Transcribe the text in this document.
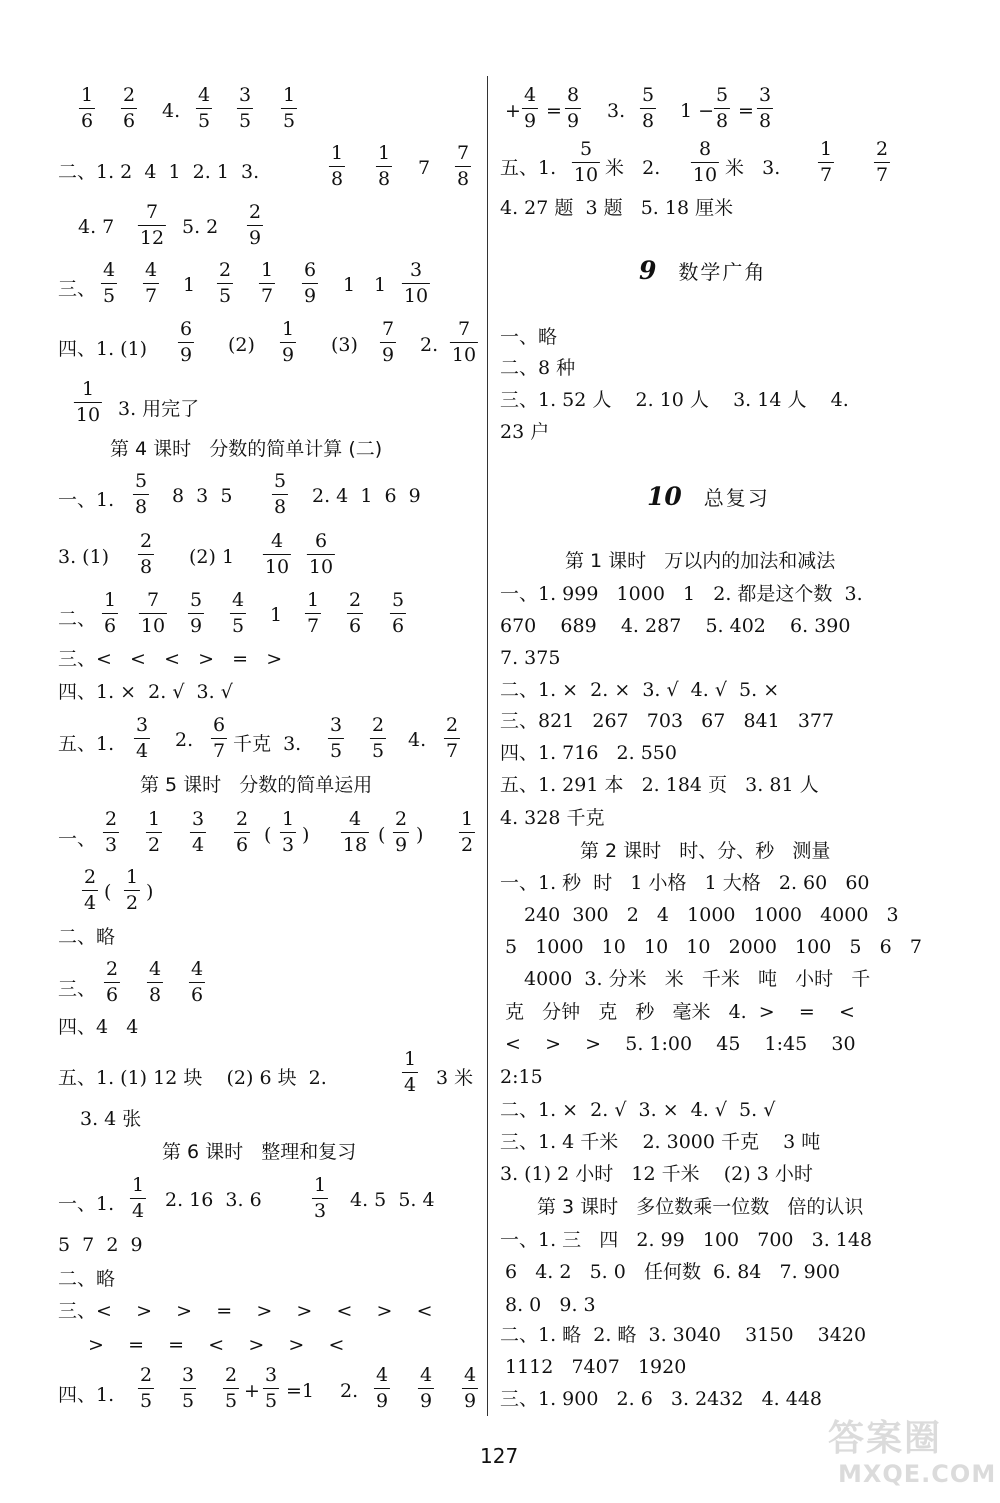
1
6
2
6 4.
4
5
3
5
1
5
二、1. 2  4  1  2. 1  3.
1
8
1
8 7
7
8
4. 7
7
12 5. 2
2
9
三、
4
5
4
7 1
2
5
1
7
6
9 1 1
3
10
四、1. (1)
6
9 (2)
1
9 (3)
7
9 2.
7
10
1
10 3. 用完了
第 4 课时   分数的简单计算 (二)
一、1.
5
8 8  3  5
5
8 2. 4  1  6  9
3. (1)
2
8 (2) 1
4
10
6
10
二、
1
6
7
10
5
9
4
5 1
1
7
2
6
5
6
三、<   <   <   >   =   >
四、1. ×  2. √  3. √
五、1.
3
4 2.
6
7 千克  3.
3
5
2
5 4.
2
7
第 5 课时   分数的简单运用
一、
2
3
1
2
3
4
2
6 (
1
3 )
4
18 (
2
9 )
1
2
2
4 (
1
2 )
二、略
三、
2
6
4
8
4
6
四、4   4
五、1. (1) 12 块    (2) 6 块  2.
1
4 3 米
3. 4 张
第 6 课时   整理和复习
一、1.
1
4 2. 16  3. 6
1
3 4. 5  5. 4
5  7  2  9
二、略
三、<    >    >    =    >    >    <    >    <
>    =    =    <    >    >    <
四、1.
2
5
3
5
2
5 +
3
5 =1 2.
4
9
4
9
4
9
+
4
9 =
8
9 3.
5
8 1 −
5
8 =
3
8
五、1.
5
10 米   2.
8
10 米   3.
1
7
2
7
4. 27 题  3 题   5. 18 厘米
9 数学广角
一、略
二、8 种
三、1. 52 人    2. 10 人    3. 14 人    4.
23 户
10 总复习
第 1 课时   万以内的加法和减法
一、1. 999   1000   1   2. 都是这个数  3.
670    689    4. 287    5. 402    6. 390
7. 375
二、1. ×  2. ×  3. √  4. √  5. ×
三、821   267   703   67   841   377
四、1. 716   2. 550
五、1. 291 本   2. 184 页   3. 81 人
4. 328 千克
第 2 课时   时、分、秒   测量
一、1. 秒  时   1 小格   1 大格   2. 60   60
240  300   2   4   1000   1000   4000   3
5   1000   10   10   10   2000   100   5   6   7
4000  3. 分米   米   千米   吨   小时   千
克   分钟   克   秒   毫米   4.  >    =    <
<    >    >    5. 1:00    45    1:45    30
2:15
二、1. ×  2. √  3. ×  4. √  5. √
三、1. 4 千米    2. 3000 千克    3 吨
3. (1) 2 小时   12 千米    (2) 3 小时
第 3 课时   多位数乘一位数   倍的认识
一、1. 三   四   2. 99   100   700   3. 148
6   4. 2   5. 0   任何数  6. 84   7. 900
8. 0   9. 3
二、1. 略  2. 略  3. 3040    3150    3420
1112   7407   1920
三、1. 900   2. 6   3. 2432   4. 448
127	答案圈
MXQE.COM
